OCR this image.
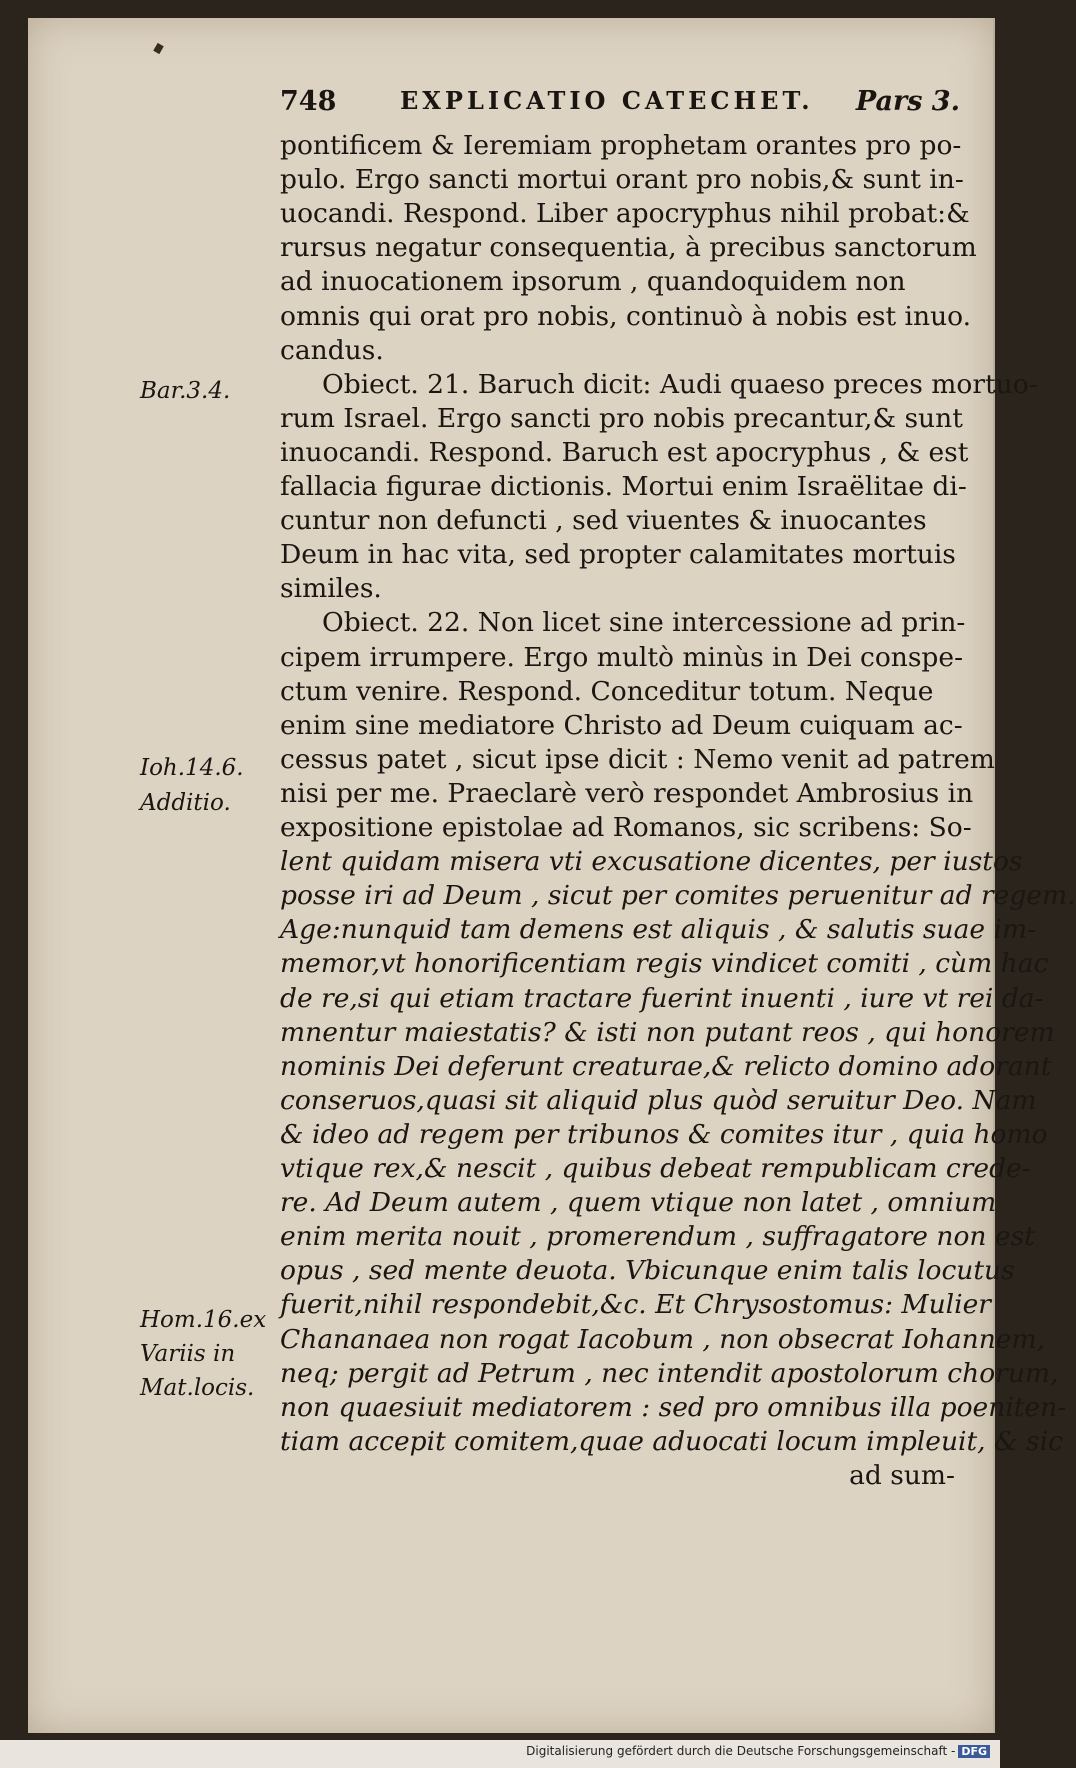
748	EXPLICATIO CATECHET. Pars 3.
pontificem & Ieremiam prophetam orantes pro po-
pulo. Ergo sancti mortui orant pro nobis,& sunt in-
uocandi. Respond. Liber apocryphus nihil probat:&
rursus negatur consequentia, à precibus sanctorum
ad inuocationem ipsorum , quandoquidem non
omnis qui orat pro nobis, continuò à nobis est inuo.
candus.
Obiect. 21. Baruch dicit: Audi quaeso preces mortuo-
rum Israel. Ergo sancti pro nobis precantur,& sunt
inuocandi. Respond. Baruch est apocryphus , & est
fallacia figurae dictionis. Mortui enim Israëlitae di-
cuntur non defuncti , sed viuentes & inuocantes
Deum in hac vita, sed propter calamitates mortuis
similes.
Obiect. 22. Non licet sine intercessione ad prin-
cipem irrumpere. Ergo multò minùs in Dei conspe-
ctum venire. Respond. Conceditur totum. Neque
enim sine mediatore Christo ad Deum cuiquam ac-
cessus patet , sicut ipse dicit : Nemo venit ad patrem
nisi per me. Praeclarè verò respondet Ambrosius in
expositione epistolae ad Romanos, sic scribens: So-
lent quidam misera vti excusatione dicentes, per iustos
posse iri ad Deum , sicut per comites peruenitur ad regem.
Age:nunquid tam demens est aliquis , & salutis suae im-
memor,vt honorificentiam regis vindicet comiti , cùm hac
de re,si qui etiam tractare fuerint inuenti , iure vt rei da-
mnentur maiestatis? & isti non putant reos , qui honorem
nominis Dei deferunt creaturae,& relicto domino adorant
conseruos,quasi sit aliquid plus quòd seruitur Deo. Nam
& ideo ad regem per tribunos & comites itur , quia homo
vtique rex,& nescit , quibus debeat rempublicam crede-
re. Ad Deum autem , quem vtique non latet , omnium
enim merita nouit , promerendum , suffragatore non est
opus , sed mente deuota. Vbicunque enim talis locutus
fuerit,nihil respondebit,&c. Et Chrysostomus: Mulier
Chananaea non rogat Iacobum , non obsecrat Iohannem,
neq; pergit ad Petrum , nec intendit apostolorum chorum,
non quaesiuit mediatorem : sed pro omnibus illa poeniten-
tiam accepit comitem,quae aduocati locum impleuit, & sic
ad sum-
Bar.3.4.
Ioh.14.6.
Additio.
Hom.16.ex
Variis in
Mat.locis.
Digitalisierung gefördert durch die Deutsche Forschungsgemeinschaft - DFG
